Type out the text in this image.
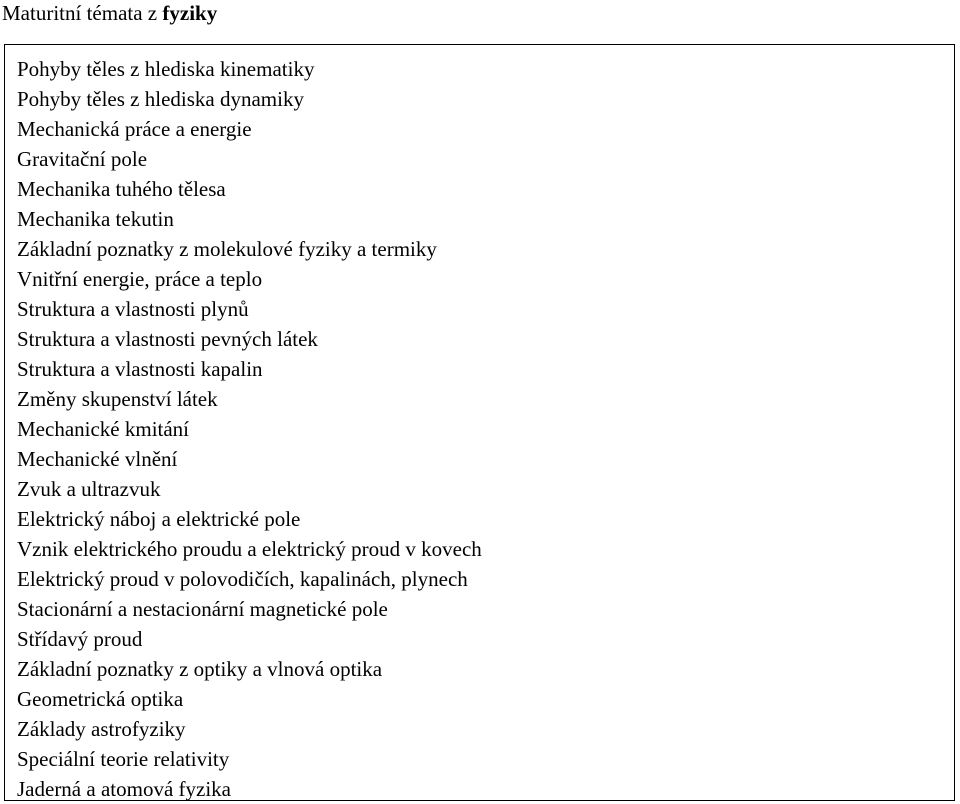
Maturitní témata z fyziky
Pohyby těles z hlediska kinematiky
Pohyby těles z hlediska dynamiky
Mechanická práce a energie
Gravitační pole
Mechanika tuhého tělesa
Mechanika tekutin
Základní poznatky z molekulové fyziky a termiky
Vnitřní energie, práce a teplo
Struktura a vlastnosti plynů
Struktura a vlastnosti pevných látek
Struktura a vlastnosti kapalin
Změny skupenství látek
Mechanické kmitání
Mechanické vlnění
Zvuk a ultrazvuk
Elektrický náboj a elektrické pole
Vznik elektrického proudu a elektrický proud v kovech
Elektrický proud v polovodičích, kapalinách, plynech
Stacionární a nestacionární magnetické pole
Střídavý proud
Základní poznatky z optiky a vlnová optika
Geometrická optika
Základy astrofyziky
Speciální teorie relativity
Jaderná a atomová fyzika
